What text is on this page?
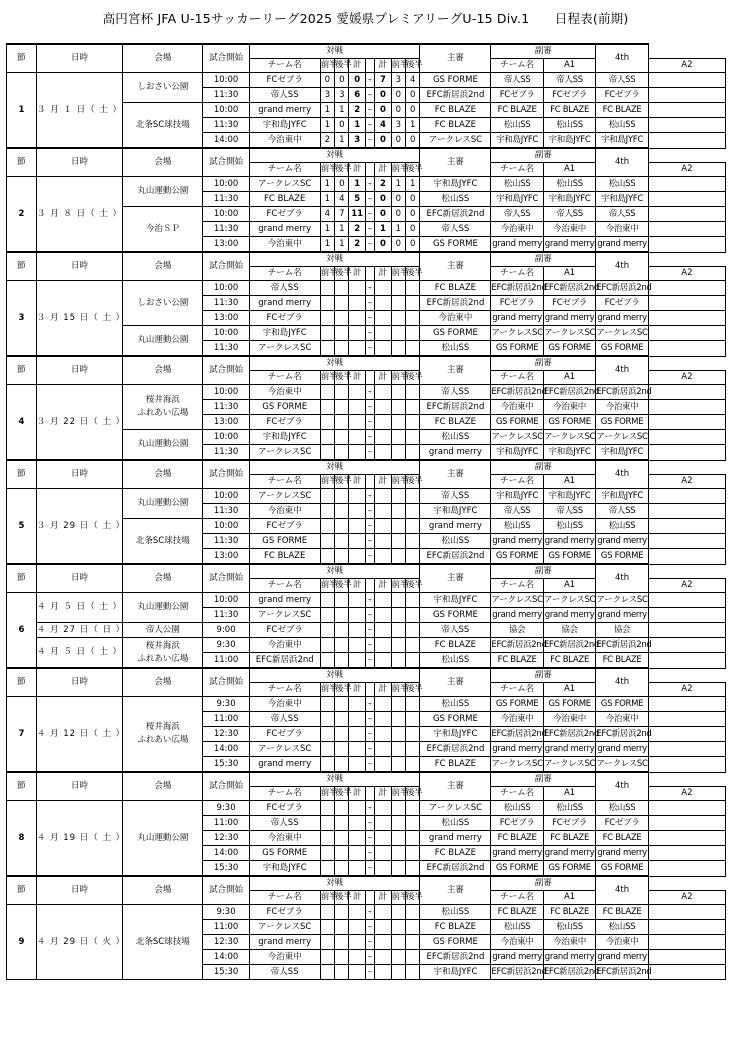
高円宮杯 JFA U-15サッカーリーグ2025 愛媛県プレミアリーグU-15 Div.1　　日程表(前期)
節	日時	会場	試合開始	対戦								主審	副審		4th	
				チーム名	前半	後半	計		計	前半	後半		チーム名	A1		A2
1	３ 月 １ 日（ 土 ）	しおさい公園	10:00	FCゼブラ	0	0	0	–	7	3	4	GS FORME	帝人SS	帝人SS	帝人SS	
			11:30	帝人SS	3	3	6	–	0	0	0	EFC新居浜2nd	FCゼブラ	FCゼブラ	FCゼブラ	
		北条SC球技場	10:00	grand merry	1	1	2	–	0	0	0	FC BLAZE	FC BLAZE	FC BLAZE	FC BLAZE	
			11:30	宇和島JYFC	1	0	1	–	4	3	1	FC BLAZE	松山SS	松山SS	松山SS	
			14:00	今治東中	2	1	3	–	0	0	0	アークレスSC	宇和島JYFC	宇和島JYFC	宇和島JYFC	
節	日時	会場	試合開始	対戦								主審	副審		4th	
				チーム名	前半	後半	計		計	前半	後半		チーム名	A1		A2
2	３ 月 ８ 日（ 土 ）	丸山運動公園	10:00	アークレスSC	1	0	1	–	2	1	1	宇和島JYFC	松山SS	松山SS	松山SS	
			11:30	FC BLAZE	1	4	5	–	0	0	0	松山SS	宇和島JYFC	宇和島JYFC	宇和島JYFC	
		今治ＳＰ	10:00	FCゼブラ	4	7	11	–	0	0	0	EFC新居浜2nd	帝人SS	帝人SS	帝人SS	
			11:30	grand merry	1	1	2	–	1	1	0	帝人SS	今治東中	今治東中	今治東中	
			13:00	今治東中	1	1	2	–	0	0	0	GS FORME	grand merry	grand merry	grand merry	
節	日時	会場	試合開始	対戦								主審	副審		4th	
				チーム名	前半	後半	計		計	前半	後半		チーム名	A1		A2
3	３ 月 15 日（ 土 ）	しおさい公園	10:00	帝人SS				–				FC BLAZE	EFC新居浜2nd	EFC新居浜2nd	EFC新居浜2nd	
			11:30	grand merry				–				EFC新居浜2nd	FCゼブラ	FCゼブラ	FCゼブラ	
			13:00	FCゼブラ				–				今治東中	grand merry	grand merry	grand merry	
		丸山運動公園	10:00	宇和島JYFC				–				GS FORME	アークレスSC	アークレスSC	アークレスSC	
			11:30	アークレスSC				–				松山SS	GS FORME	GS FORME	GS FORME	
節	日時	会場	試合開始	対戦								主審	副審		4th	
				チーム名	前半	後半	計		計	前半	後半		チーム名	A1		A2
4	３ 月 22 日（ 土 ）	桜井海浜
ふれあい広場	10:00	今治東中				–				帝人SS	EFC新居浜2nd	EFC新居浜2nd	EFC新居浜2nd	
			11:30	GS FORME				–				EFC新居浜2nd	今治東中	今治東中	今治東中	
			13:00	FCゼブラ				–				FC BLAZE	GS FORME	GS FORME	GS FORME	
		丸山運動公園	10:00	宇和島JYFC				–				松山SS	アークレスSC	アークレスSC	アークレスSC	
			11:30	アークレスSC				–				grand merry	宇和島JYFC	宇和島JYFC	宇和島JYFC	
節	日時	会場	試合開始	対戦								主審	副審		4th	
				チーム名	前半	後半	計		計	前半	後半		チーム名	A1		A2
5	３ 月 29 日（ 土 ）	丸山運動公園	10:00	アークレスSC				–				帝人SS	宇和島JYFC	宇和島JYFC	宇和島JYFC	
			11:30	今治東中				–				宇和島JYFC	帝人SS	帝人SS	帝人SS	
		北条SC球技場	10:00	FCゼブラ				–				grand merry	松山SS	松山SS	松山SS	
			11:30	GS FORME				–				松山SS	grand merry	grand merry	grand merry	
			13:00	FC BLAZE				–				EFC新居浜2nd	GS FORME	GS FORME	GS FORME	
節	日時	会場	試合開始	対戦								主審	副審		4th	
				チーム名	前半	後半	計		計	前半	後半		チーム名	A1		A2
6	４ 月 ５ 日（ 土 ）	丸山運動公園	10:00	grand merry				–				宇和島JYFC	アークレスSC	アークレスSC	アークレスSC	
			11:30	アークレスSC				–				GS FORME	grand merry	grand merry	grand merry	
	４ 月 27 日（ 日 ）	帝人公園	9:00	FCゼブラ				–				帝人SS	協会	協会	協会	
	４ 月 ５ 日（ 土 ）	桜井海浜
ふれあい広場	9:30	今治東中				–				FC BLAZE	EFC新居浜2nd	EFC新居浜2nd	EFC新居浜2nd	
			11:00	EFC新居浜2nd				–				松山SS	FC BLAZE	FC BLAZE	FC BLAZE	
節	日時	会場	試合開始	対戦								主審	副審		4th	
				チーム名	前半	後半	計		計	前半	後半		チーム名	A1		A2
7	４ 月 12 日（ 土 ）	桜井海浜
ふれあい広場	9:30	今治東中				–				松山SS	GS FORME	GS FORME	GS FORME	
			11:00	帝人SS				–				GS FORME	今治東中	今治東中	今治東中	
			12:30	FCゼブラ				–				宇和島JYFC	EFC新居浜2nd	EFC新居浜2nd	EFC新居浜2nd	
			14:00	アークレスSC				–				EFC新居浜2nd	grand merry	grand merry	grand merry	
			15:30	grand merry				–				FC BLAZE	アークレスSC	アークレスSC	アークレスSC	
節	日時	会場	試合開始	対戦								主審	副審		4th	
				チーム名	前半	後半	計		計	前半	後半		チーム名	A1		A2
8	４ 月 19 日（ 土 ）	丸山運動公園	9:30	FCゼブラ				–				アークレスSC	松山SS	松山SS	松山SS	
			11:00	帝人SS				–				松山SS	FCゼブラ	FCゼブラ	FCゼブラ	
			12:30	今治東中				–				grand merry	FC BLAZE	FC BLAZE	FC BLAZE	
			14:00	GS FORME				–				FC BLAZE	grand merry	grand merry	grand merry	
			15:30	宇和島JYFC				–				EFC新居浜2nd	GS FORME	GS FORME	GS FORME	
節	日時	会場	試合開始	対戦								主審	副審		4th	
				チーム名	前半	後半	計		計	前半	後半		チーム名	A1		A2
9	４ 月 29 日（ 火 ）	北条SC球技場	9:30	FCゼブラ				–				松山SS	FC BLAZE	FC BLAZE	FC BLAZE	
			11:00	アークレスSC				–				FC BLAZE	松山SS	松山SS	松山SS	
			12:30	grand merry				–				GS FORME	今治東中	今治東中	今治東中	
			14:00	今治東中				–				EFC新居浜2nd	grand merry	grand merry	grand merry	
			15:30	帝人SS				–				宇和島JYFC	EFC新居浜2nd	EFC新居浜2nd	EFC新居浜2nd	
